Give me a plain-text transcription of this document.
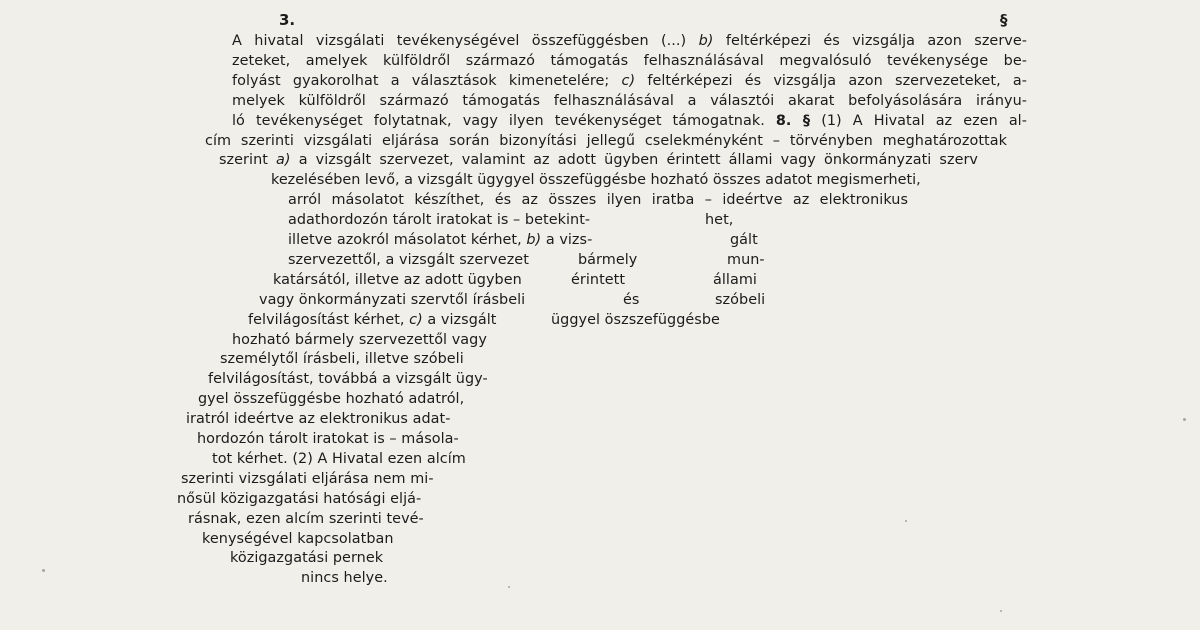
3.	§
A hivatal vizsgálati tevékenységével összefüggésben (...) b) feltérképezi és vizsgálja azon szerve-
zeteket, amelyek külföldről származó támogatás felhasználásával megvalósuló tevékenysége be-
folyást gyakorolhat a választások kimenetelére; c) feltérképezi és vizsgálja azon szervezeteket, a-
melyek külföldről származó támogatás felhasználásával a választói akarat befolyásolására irányu-
ló tevékenységet folytatnak, vagy ilyen tevékenységet támogatnak. 8. § (1) A Hivatal az ezen al-
cím szerinti vizsgálati eljárása során bizonyítási jellegű cselekményként – törvényben meghatározottak
szerint a) a vizsgált szervezet, valamint az adott ügyben érintett állami vagy önkormányzati szerv
kezelésében levő, a vizsgált ügygyel összefüggésbe hozható összes adatot megismerheti,
arról másolatot készíthet, és az összes ilyen iratba – ideértve az elektronikus
adathordozón tárolt iratokat is – betekint-	het,
illetve azokról másolatot kérhet, b) a vizs-	gált
szervezettől, a vizsgált szervezet	bármely	mun-
katársától, illetve az adott ügyben	érintett	állami
vagy önkormányzati szervtől írásbeli	és	szóbeli
felvilágosítást kérhet, c) a vizsgált	üggyel öszszefüggésbe
hozható bármely szervezettől vagy
személytől írásbeli, illetve szóbeli
felvilágosítást, továbbá a vizsgált ügy-
gyel összefüggésbe hozható adatról,
iratról ideértve az elektronikus adat-
hordozón tárolt iratokat is – másola-
tot kérhet. (2) A Hivatal ezen alcím
szerinti vizsgálati eljárása nem mi-
nősül közigazgatási hatósági eljá-
rásnak, ezen alcím szerinti tevé-
kenységével kapcsolatban
közigazgatási pernek
nincs helye.
